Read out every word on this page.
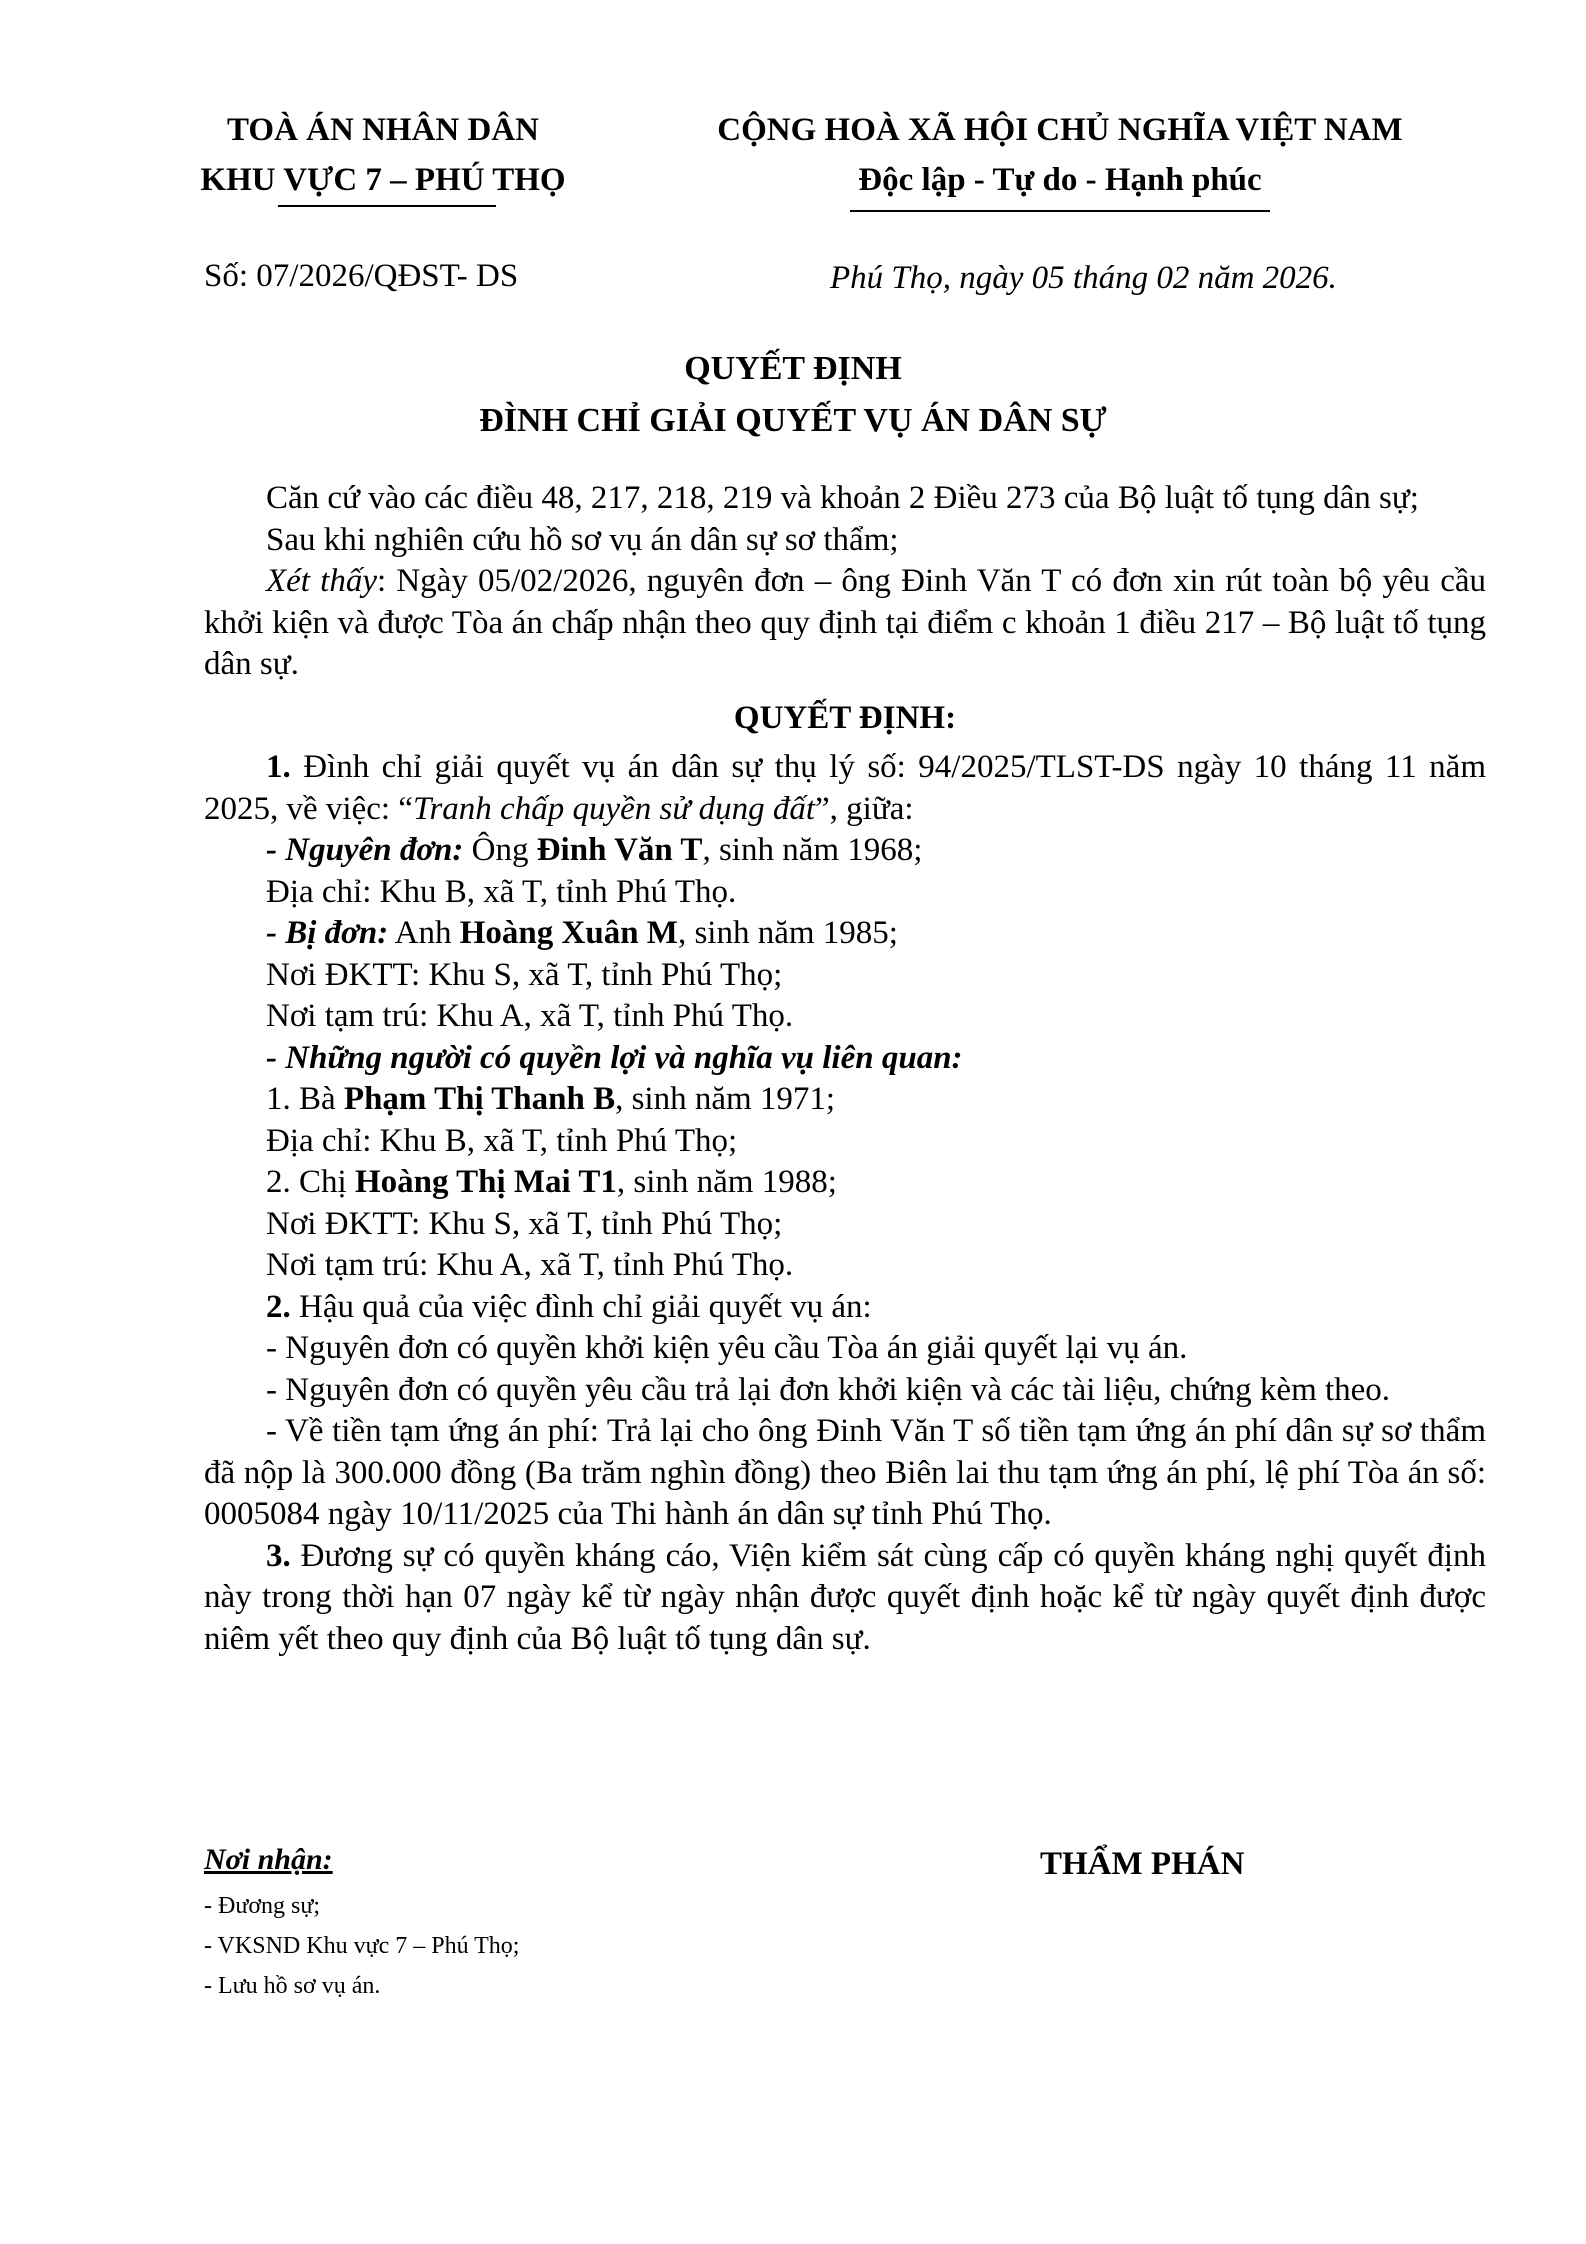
TOÀ ÁN NHÂN DÂN
KHU VỰC 7 – PHÚ THỌ
CỘNG HOÀ XÃ HỘI CHỦ NGHĨA VIỆT NAM
Độc lập - Tự do - Hạnh phúc
Số: 07/2026/QĐST- DS	Phú Thọ, ngày 05 tháng 02 năm 2026.
QUYẾT ĐỊNH
ĐÌNH CHỈ GIẢI QUYẾT VỤ ÁN DÂN SỰ

Căn cứ vào các điều 48, 217, 218, 219 và khoản 2 Điều 273 của Bộ luật tố tụng dân sự;

Sau khi nghiên cứu hồ sơ vụ án dân sự sơ thẩm;

Xét thấy: Ngày 05/02/2026, nguyên đơn – ông Đinh Văn T có đơn xin rút toàn bộ yêu cầu khởi kiện và được Tòa án chấp nhận theo quy định tại điểm c khoản 1 điều 217 – Bộ luật tố tụng dân sự.

QUYẾT ĐỊNH:

1. Đình chỉ giải quyết vụ án dân sự thụ lý số: 94/2025/TLST-DS ngày 10 tháng 11 năm 2025, về việc: “Tranh chấp quyền sử dụng đất”, giữa:

- Nguyên đơn: Ông Đinh Văn T, sinh năm 1968;

Địa chỉ: Khu B, xã T, tỉnh Phú Thọ.

- Bị đơn: Anh Hoàng Xuân M, sinh năm 1985;

Nơi ĐKTT: Khu S, xã T, tỉnh Phú Thọ;

Nơi tạm trú: Khu A, xã T, tỉnh Phú Thọ.

- Những người có quyền lợi và nghĩa vụ liên quan:

1. Bà Phạm Thị Thanh B, sinh năm 1971;

Địa chỉ: Khu B, xã T, tỉnh Phú Thọ;

2. Chị Hoàng Thị Mai T1, sinh năm 1988;

Nơi ĐKTT: Khu S, xã T, tỉnh Phú Thọ;

Nơi tạm trú: Khu A, xã T, tỉnh Phú Thọ.

2. Hậu quả của việc đình chỉ giải quyết vụ án:

- Nguyên đơn có quyền khởi kiện yêu cầu Tòa án giải quyết lại vụ án.

- Nguyên đơn có quyền yêu cầu trả lại đơn khởi kiện và các tài liệu, chứng kèm theo.

- Về tiền tạm ứng án phí: Trả lại cho ông Đinh Văn T số tiền tạm ứng án phí dân sự sơ thẩm đã nộp là 300.000 đồng (Ba trăm nghìn đồng) theo Biên lai thu tạm ứng án phí, lệ phí Tòa án số: 0005084 ngày 10/11/2025 của Thi hành án dân sự tỉnh Phú Thọ.

3. Đương sự có quyền kháng cáo, Viện kiểm sát cùng cấp có quyền kháng nghị quyết định này trong thời hạn 07 ngày kể từ ngày nhận được quyết định hoặc kể từ ngày quyết định được niêm yết theo quy định của Bộ luật tố tụng dân sự.

Nơi nhận:
- Đương sự;
- VKSND Khu vực 7 – Phú Thọ;
- Lưu hồ sơ vụ án.
THẨM PHÁN
